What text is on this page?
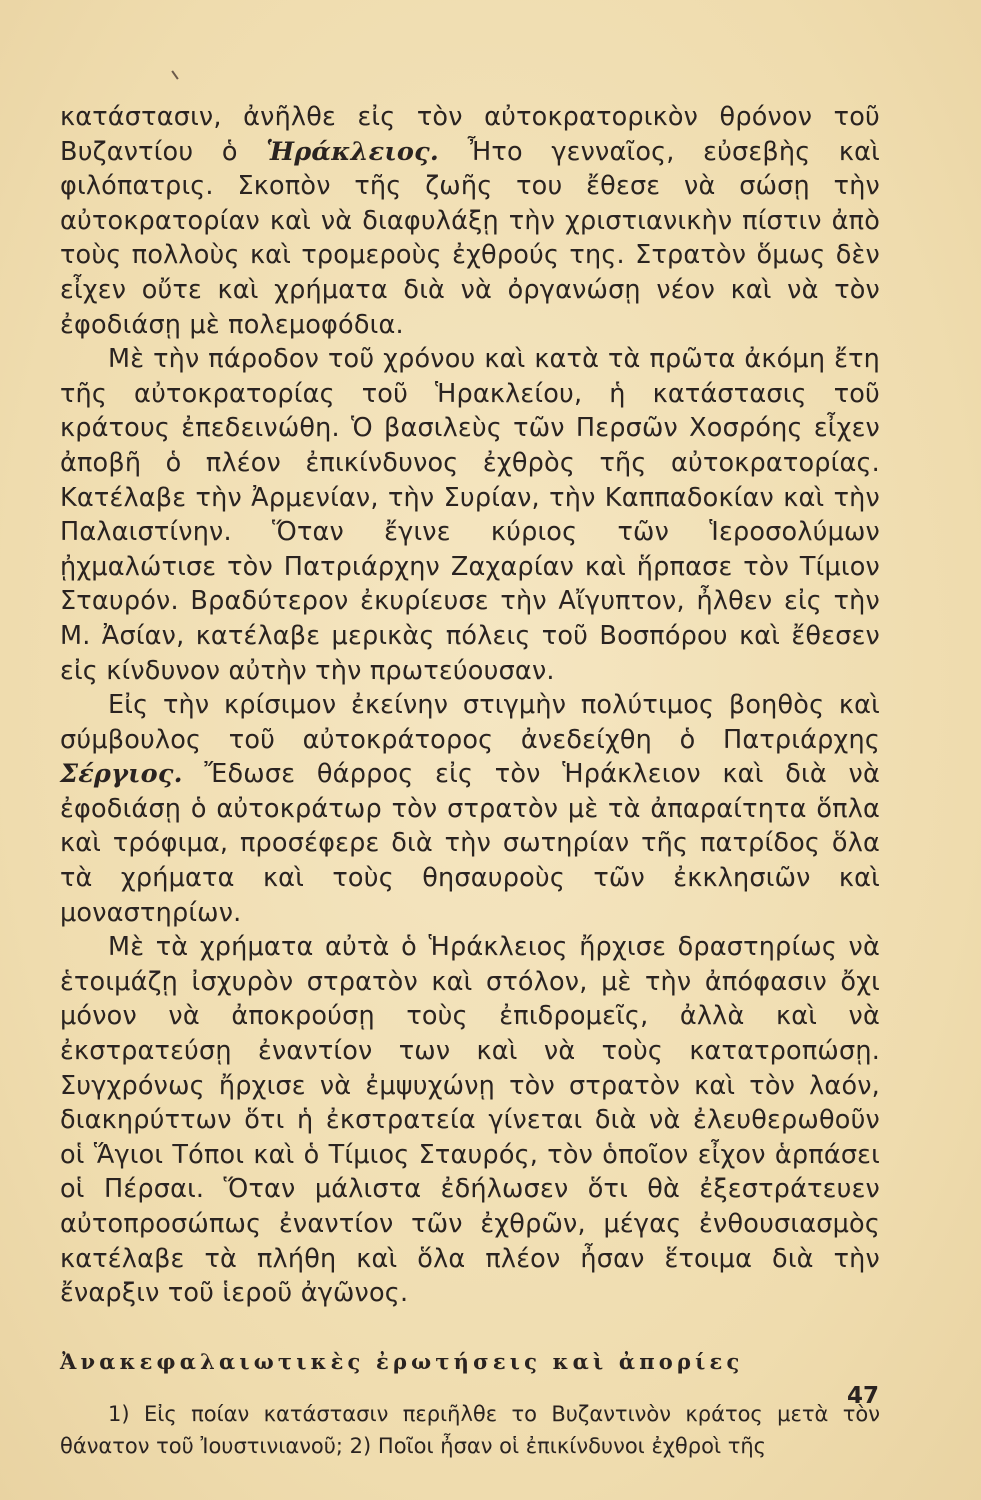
κατάστασιν, ἀνῆλθε εἰς τὸν αὐτοκρατορικὸν θρόνον τοῦ Βυζαντίου ὁ Ἡράκλειος. Ἦτο γενναῖος, εὐσεβὴς καὶ φιλόπατρις. Σκοπὸν τῆς ζωῆς του ἔθεσε νὰ σώσῃ τὴν αὐτοκρατορίαν καὶ νὰ διαφυλάξῃ τὴν χριστιανικὴν πίστιν ἀπὸ τοὺς πολλοὺς καὶ τρομεροὺς ἐχθρούς της. Στρατὸν ὅμως δὲν εἶχεν οὔτε καὶ χρήματα διὰ νὰ ὀργανώσῃ νέον καὶ νὰ τὸν ἐφοδιάσῃ μὲ πολεμοφόδια.

Μὲ τὴν πάροδον τοῦ χρόνου καὶ κατὰ τὰ πρῶτα ἀκόμη ἔτη τῆς αὐτοκρατορίας τοῦ Ἡρακλείου, ἡ κατάστασις τοῦ κράτους ἐπεδεινώθη. Ὁ βασιλεὺς τῶν Περσῶν Χοσρόης εἶχεν ἀποβῆ ὁ πλέον ἐπικίνδυνος ἐχθρὸς τῆς αὐτοκρατορίας. Κατέλαβε τὴν Ἀρμενίαν, τὴν Συρίαν, τὴν Καππαδοκίαν καὶ τὴν Παλαιστίνην. Ὅταν ἔγινε κύριος τῶν Ἱεροσολύμων ᾐχμαλώτισε τὸν Πατριάρχην Ζαχαρίαν καὶ ἥρπασε τὸν Τίμιον Σταυρόν. Βραδύτερον ἐκυρίευσε τὴν Αἴγυπτον, ἦλθεν εἰς τὴν Μ. Ἀσίαν, κατέλαβε μερικὰς πόλεις τοῦ Βοσπόρου καὶ ἔθεσεν εἰς κίνδυνον αὐτὴν τὴν πρωτεύουσαν.

Εἰς τὴν κρίσιμον ἐκείνην στιγμὴν πολύτιμος βοηθὸς καὶ σύμβουλος τοῦ αὐτοκράτορος ἀνεδείχθη ὁ Πατριάρχης Σέργιος. Ἔδωσε θάρρος εἰς τὸν Ἡράκλειον καὶ διὰ νὰ ἐφοδιάσῃ ὁ αὐτοκράτωρ τὸν στρατὸν μὲ τὰ ἀπαραίτητα ὅπλα καὶ τρόφιμα, προσέφερε διὰ τὴν σωτηρίαν τῆς πατρίδος ὅλα τὰ χρήματα καὶ τοὺς θησαυροὺς τῶν ἐκκλησιῶν καὶ μοναστηρίων.

Μὲ τὰ χρήματα αὐτὰ ὁ Ἡράκλειος ἤρχισε δραστηρίως νὰ ἑτοιμάζῃ ἰσχυρὸν στρατὸν καὶ στόλον, μὲ τὴν ἀπόφασιν ὄχι μόνον νὰ ἀποκρούσῃ τοὺς ἐπιδρομεῖς, ἀλλὰ καὶ νὰ ἐκστρατεύσῃ ἐναντίον των καὶ νὰ τοὺς κατατροπώσῃ. Συγχρόνως ἤρχισε νὰ ἐμψυχώνῃ τὸν στρατὸν καὶ τὸν λαόν, διακηρύττων ὅτι ἡ ἐκστρατεία γίνεται διὰ νὰ ἐλευθερωθοῦν οἱ Ἅγιοι Τόποι καὶ ὁ Τίμιος Σταυρός, τὸν ὁποῖον εἶχον ἁρπάσει οἱ Πέρσαι. Ὅταν μάλιστα ἐδήλωσεν ὅτι θὰ ἐξεστράτευεν αὐτοπροσώπως ἐναντίον τῶν ἐχθρῶν, μέγας ἐνθουσιασμὸς κατέλαβε τὰ πλήθη καὶ ὅλα πλέον ἦσαν ἕτοιμα διὰ τὴν ἔναρξιν τοῦ ἱεροῦ ἀγῶνος.

Ἀνακεφαλαιωτικὲς ἐρωτήσεις καὶ ἀπορίες
1) Εἰς ποίαν κατάστασιν περιῆλθε το Βυζαντινὸν κράτος μετὰ τὸν θάνατον τοῦ Ἰουστινιανοῦ; 2) Ποῖοι ἦσαν οἱ ἐπικίνδυνοι ἐχθροὶ τῆς
47
